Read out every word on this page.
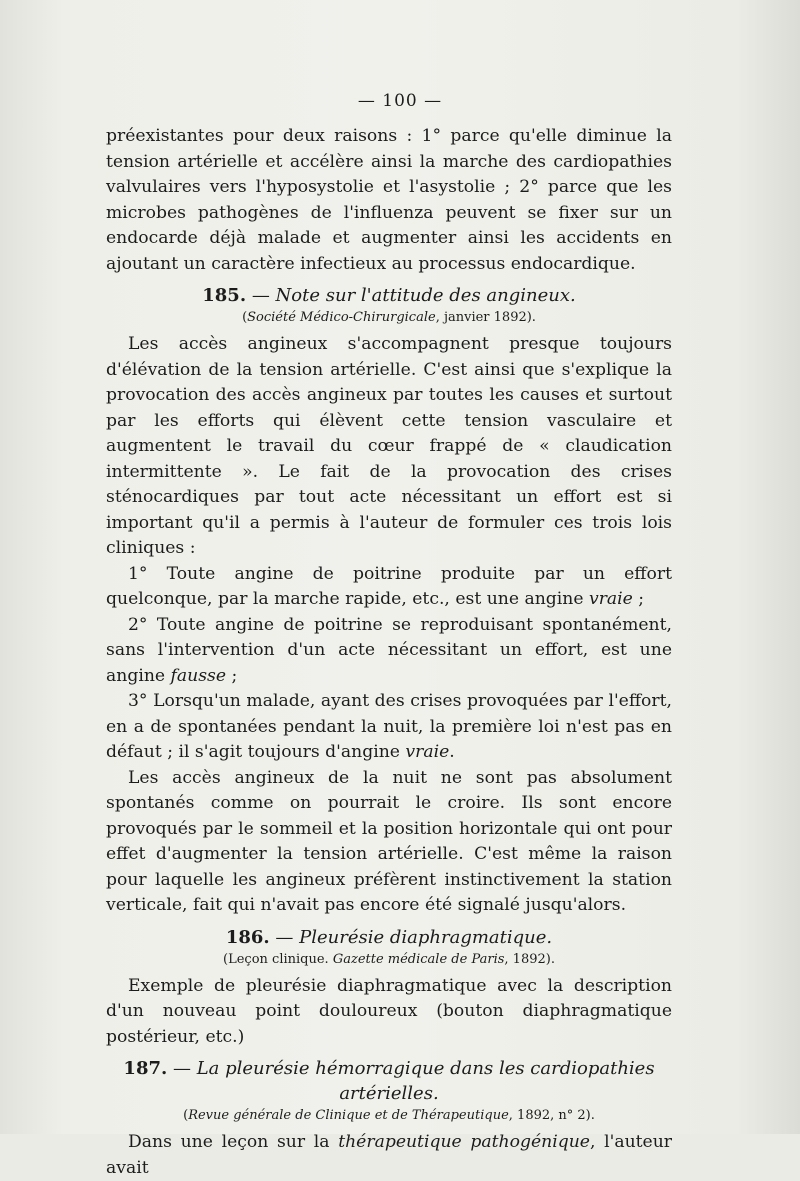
— 100 —

préexistantes pour deux raisons : 1° parce qu'elle diminue la tension artérielle et accélère ainsi la marche des cardiopathies valvulaires vers l'hyposystolie et l'asystolie ; 2° parce que les microbes pathogènes de l'influenza peuvent se fixer sur un endocarde déjà malade et augmenter ainsi les accidents en ajoutant un caractère infectieux au processus endocardique.

185. — Note sur l'attitude des angineux.
(Société Médico-Chirurgicale, janvier 1892).

Les accès angineux s'accompagnent presque toujours d'élévation de la tension artérielle. C'est ainsi que s'explique la provocation des accès angineux par toutes les causes et surtout par les efforts qui élèvent cette tension vasculaire et augmentent le travail du cœur frappé de « claudication intermittente ». Le fait de la provocation des crises sténocardiques par tout acte nécessitant un effort est si important qu'il a permis à l'auteur de formuler ces trois lois cliniques :

1° Toute angine de poitrine produite par un effort quelconque, par la marche rapide, etc., est une angine vraie ;

2° Toute angine de poitrine se reproduisant spontanément, sans l'intervention d'un acte nécessitant un effort, est une angine fausse ;

3° Lorsqu'un malade, ayant des crises provoquées par l'effort, en a de spontanées pendant la nuit, la première loi n'est pas en défaut ; il s'agit toujours d'angine vraie.

Les accès angineux de la nuit ne sont pas absolument spontanés comme on pourrait le croire. Ils sont encore provoqués par le sommeil et la position horizontale qui ont pour effet d'augmenter la tension artérielle. C'est même la raison pour laquelle les angineux préfèrent instinctivement la station verticale, fait qui n'avait pas encore été signalé jusqu'alors.

186. — Pleurésie diaphragmatique.
(Leçon clinique. Gazette médicale de Paris, 1892).

Exemple de pleurésie diaphragmatique avec la description d'un nouveau point douloureux (bouton diaphragmatique postérieur, etc.)

187. — La pleurésie hémorragique dans les cardiopathies artérielles.
(Revue générale de Clinique et de Thérapeutique, 1892, n° 2).

Dans une leçon sur la thérapeutique pathogénique, l'auteur avait
